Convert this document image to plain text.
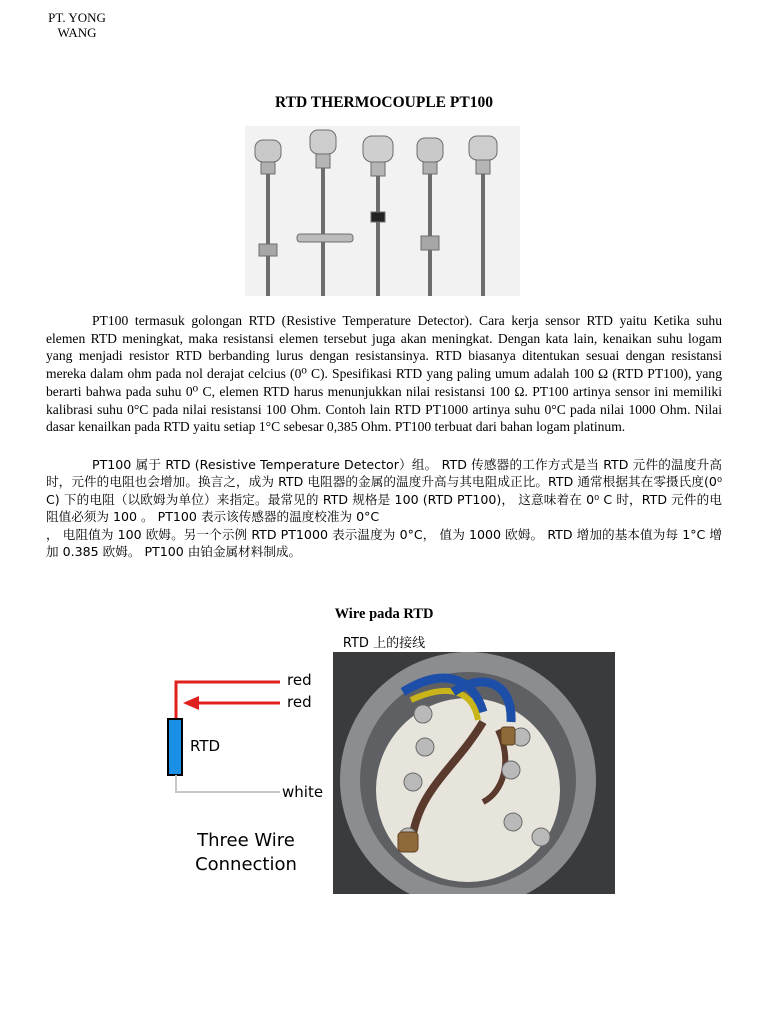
PT. YONG
WANG
RTD THERMOCOUPLE PT100

PT100 termasuk golongan RTD (Resistive Temperature Detector). Cara kerja sensor RTD yaitu Ketika suhu elemen RTD meningkat, maka resistansi elemen tersebut juga akan meningkat. Dengan kata lain, kenaikan suhu logam yang menjadi resistor RTD berbanding lurus dengan resistansinya. RTD biasanya ditentukan sesuai dengan resistansi mereka dalam ohm pada nol derajat celcius (0⁰ C). Spesifikasi RTD yang paling umum adalah 100 Ω (RTD PT100), yang berarti bahwa pada suhu 0⁰ C, elemen RTD harus menunjukkan nilai resistansi 100 Ω. PT100 artinya sensor ini memiliki kalibrasi suhu 0°C pada nilai resistansi 100 Ohm. Contoh lain RTD PT1000 artinya suhu 0°C pada nilai 1000 Ohm. Nilai dasar kenailkan pada RTD yaitu setiap 1°C sebesar 0,385 Ohm. PT100 terbuat dari bahan logam platinum.

PT100 属于 RTD (Resistive Temperature Detector）组。 RTD 传感器的工作方式是当 RTD 元件的温度升高时，元件的电阻也会增加。换言之，成为 RTD 电阻器的金属的温度升高与其电阻成正比。RTD 通常根据其在零摄氏度(0⁰ C) 下的电阻（以欧姆为单位）来指定。最常见的 RTD 规格是 100 (RTD PT100)， 这意味着在 0⁰ C 时，RTD 元件的电阻值必须为 100 。 PT100 表示该传感器的温度校准为 0°C

， 电阻值为 100 欧姆。另一个示例 RTD PT1000 表示温度为 0°C， 值为 1000 欧姆。 RTD 增加的基本值为每 1°C 增加 0.385 欧姆。 PT100 由铂金属材料制成。

Wire pada RTD
RTD 上的接线
red
red
RTD
white
Three Wire
Connection
